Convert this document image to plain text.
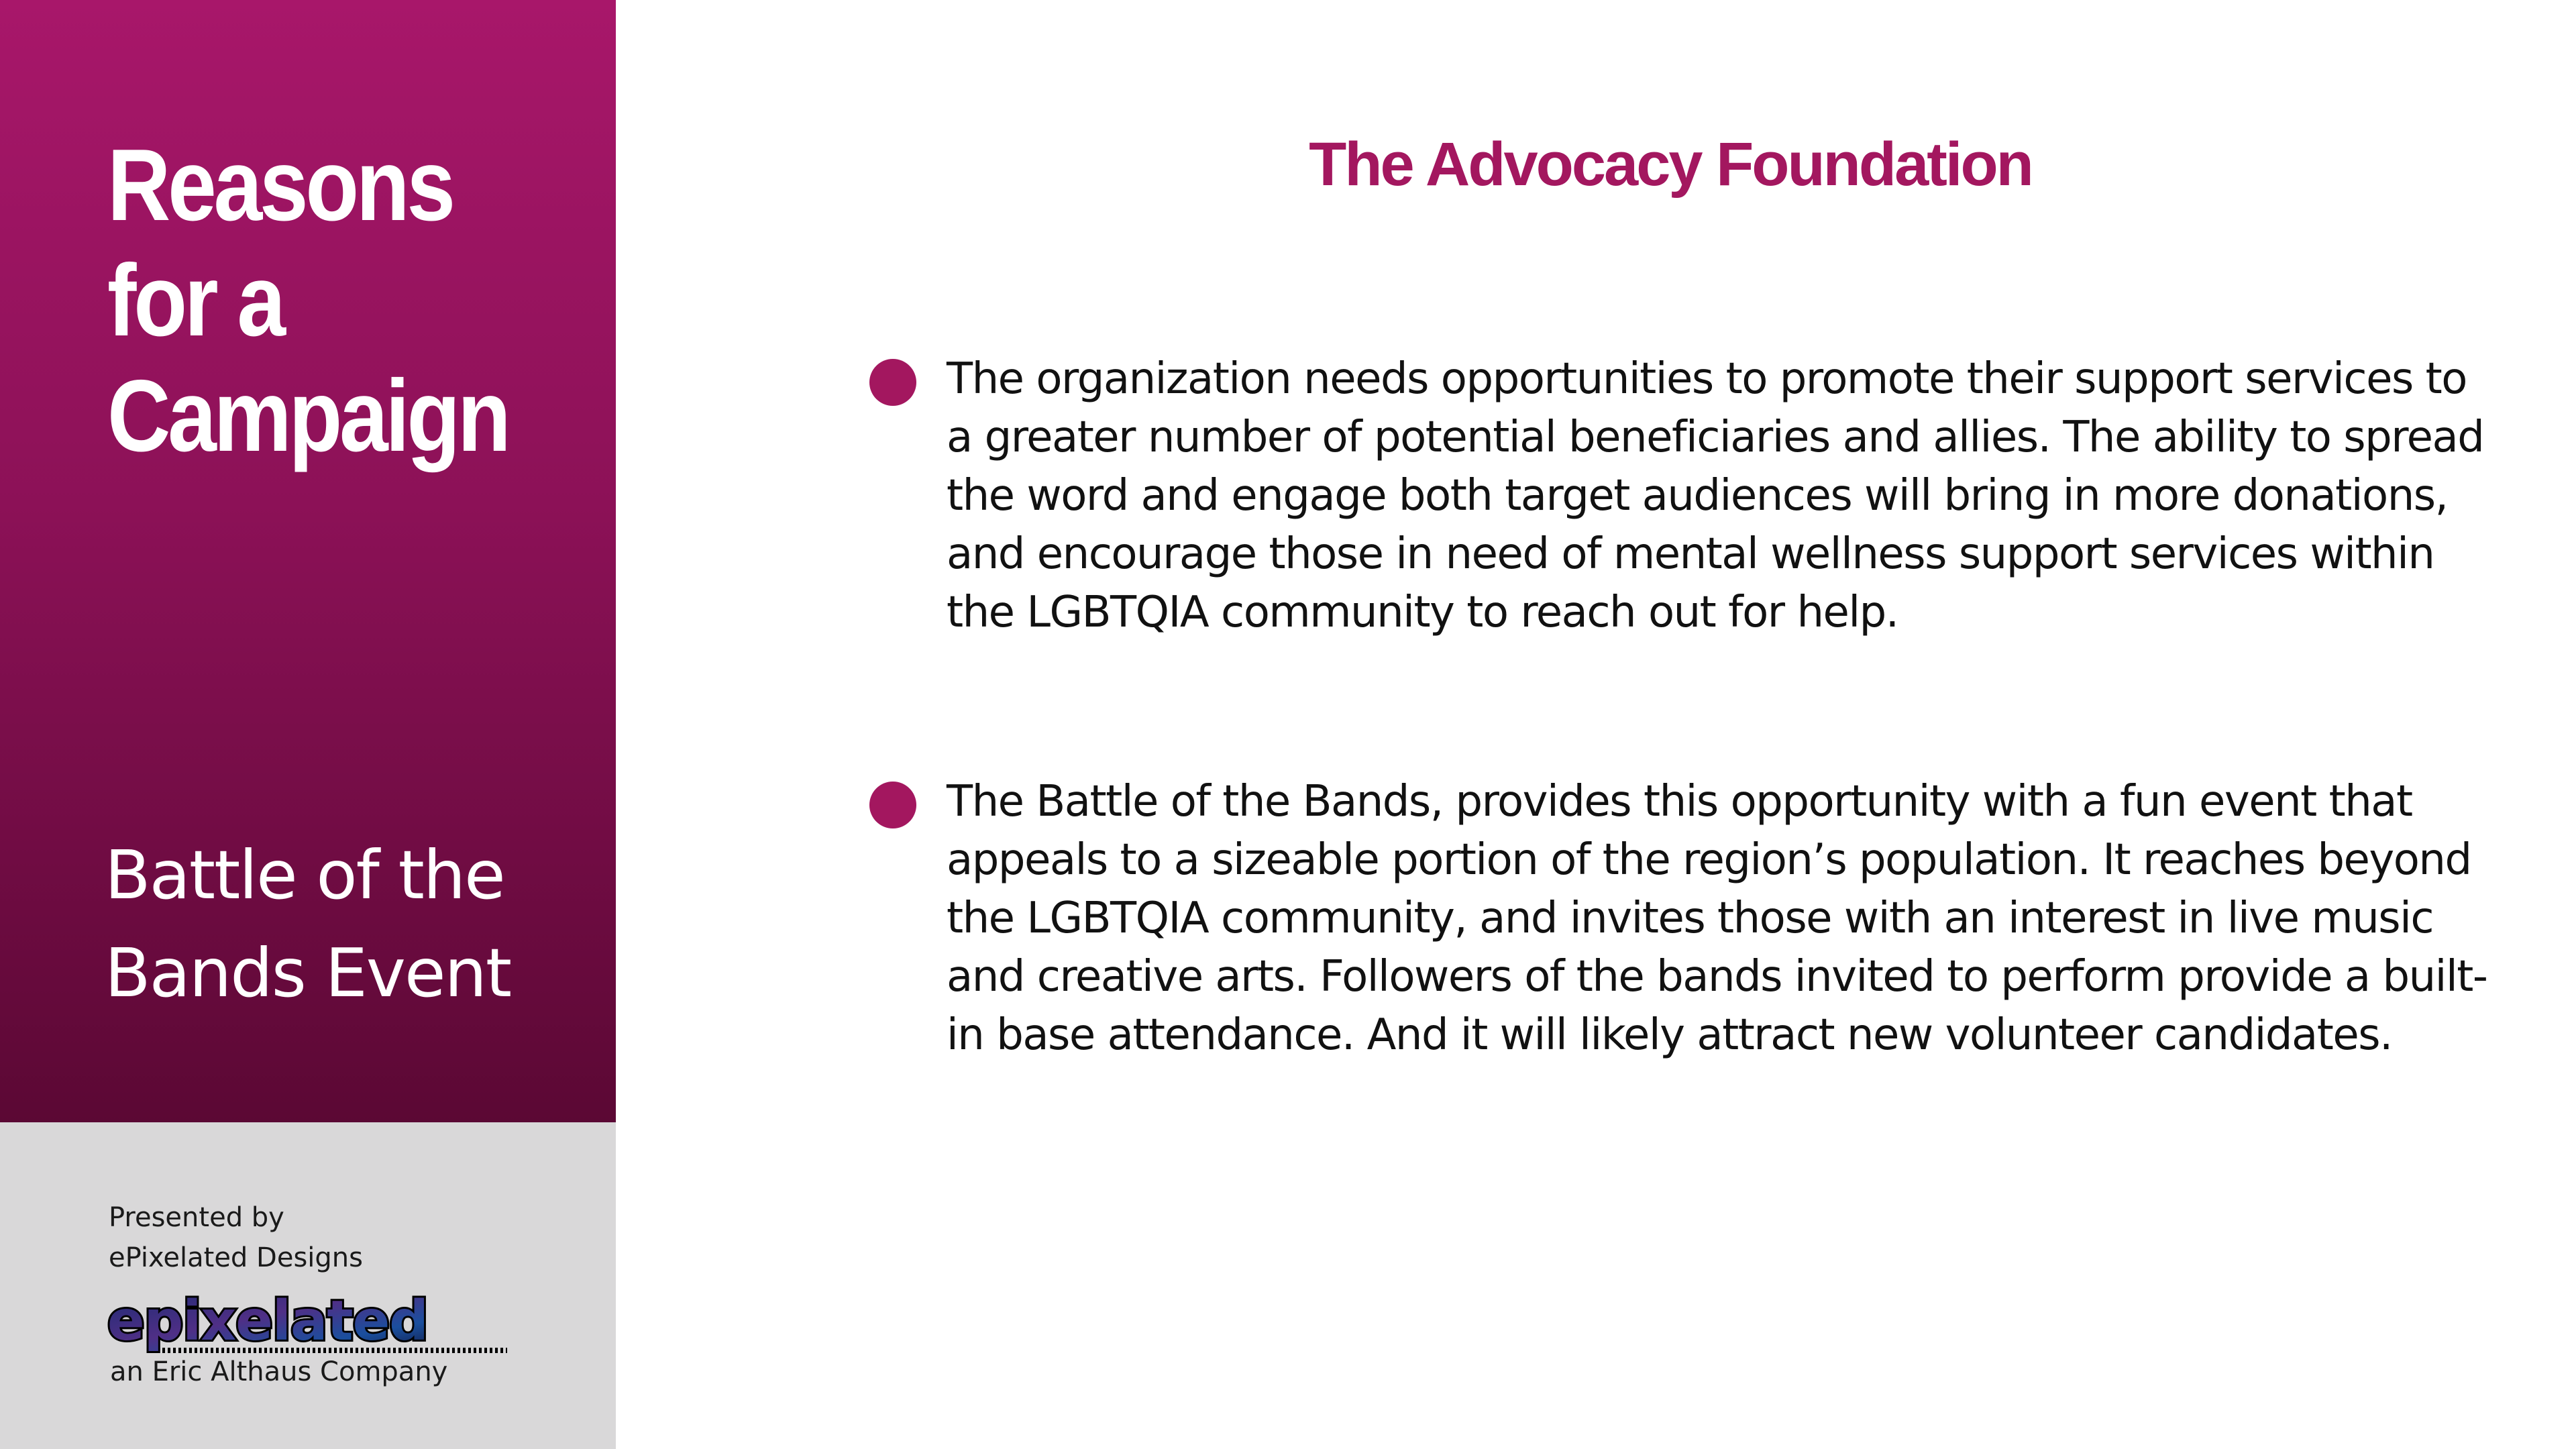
Reasons
for a
Campaign
Battle of the
Bands Event
Presented by
ePixelated Designs
epixelated
an Eric Althaus Company
The Advocacy Foundation
The organization needs opportunities to promote their support services to
a greater number of potential beneficiaries and allies. The ability to spread
the word and engage both target audiences will bring in more donations,
and encourage those in need of mental wellness support services within
the LGBTQIA community to reach out for help.
The Battle of the Bands, provides this opportunity with a fun event that
appeals to a sizeable portion of the region’s population. It reaches beyond
the LGBTQIA community, and invites those with an interest in live music
and creative arts. Followers of the bands invited to perform provide a built-
in base attendance. And it will likely attract new volunteer candidates.
